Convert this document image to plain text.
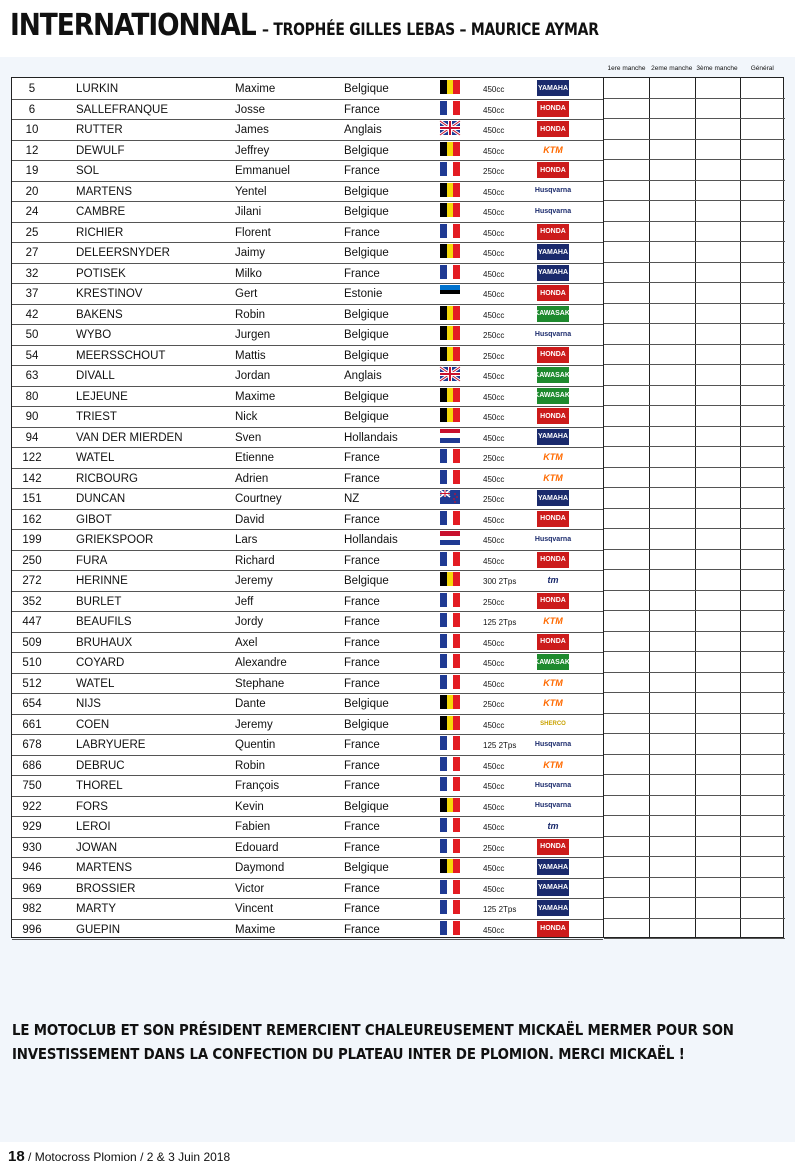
INTERNATIONNAL – TROPHÉE GILLES LEBAS – MAURICE AYMAR
5	LURKIN	Maxime	Belgique	450cc	YAMAHA
6	SALLEFRANQUE	Josse	France	450cc	HONDA
10	RUTTER	James	Anglais	450cc	HONDA
12	DEWULF	Jeffrey	Belgique	450cc	KTM
19	SOL	Emmanuel	France	250cc	HONDA
20	MARTENS	Yentel	Belgique	450cc	Husqvarna
24	CAMBRE	Jilani	Belgique	450cc	Husqvarna
25	RICHIER	Florent	France	450cc	HONDA
27	DELEERSNYDER	Jaimy	Belgique	450cc	YAMAHA
32	POTISEK	Milko	France	450cc	YAMAHA
37	KRESTINOV	Gert	Estonie	450cc	HONDA
42	BAKENS	Robin	Belgique	450cc	KAWASAKI
50	WYBO	Jurgen	Belgique	250cc	Husqvarna
54	MEERSSCHOUT	Mattis	Belgique	250cc	HONDA
63	DIVALL	Jordan	Anglais	450cc	KAWASAKI
80	LEJEUNE	Maxime	Belgique	450cc	KAWASAKI
90	TRIEST	Nick	Belgique	450cc	HONDA
94	VAN DER MIERDEN	Sven	Hollandais	450cc	YAMAHA
122	WATEL	Etienne	France	250cc	KTM
142	RICBOURG	Adrien	France	450cc	KTM
151	DUNCAN	Courtney	NZ	250cc	YAMAHA
162	GIBOT	David	France	450cc	HONDA
199	GRIEKSPOOR	Lars	Hollandais	450cc	Husqvarna
250	FURA	Richard	France	450cc	HONDA
272	HERINNE	Jeremy	Belgique	300 2Tps	tm
352	BURLET	Jeff	France	250cc	HONDA
447	BEAUFILS	Jordy	France	125 2Tps	KTM
509	BRUHAUX	Axel	France	450cc	HONDA
510	COYARD	Alexandre	France	450cc	KAWASAKI
512	WATEL	Stephane	France	450cc	KTM
654	NIJS	Dante	Belgique	250cc	KTM
661	COEN	Jeremy	Belgique	450cc	SHERCO
678	LABRYUERE	Quentin	France	125 2Tps	Husqvarna
686	DEBRUC	Robin	France	450cc	KTM
750	THOREL	François	France	450cc	Husqvarna
922	FORS	Kevin	Belgique	450cc	Husqvarna
929	LEROI	Fabien	France	450cc	tm
930	JOWAN	Edouard	France	250cc	HONDA
946	MARTENS	Daymond	Belgique	450cc	YAMAHA
969	BROSSIER	Victor	France	450cc	YAMAHA
982	MARTY	Vincent	France	125 2Tps	YAMAHA
996	GUEPIN	Maxime	France	450cc	HONDA
1ere manche 2eme manche 3ème manche	Général
LE MOTOCLUB ET SON PRÉSIDENT REMERCIENT CHALEUREUSEMENT MICKAËL MERMER POUR SON
INVESTISSEMENT DANS LA CONFECTION DU PLATEAU INTER DE PLOMION. MERCI MICKAËL !
18 / Motocross Plomion / 2 & 3 Juin 2018
